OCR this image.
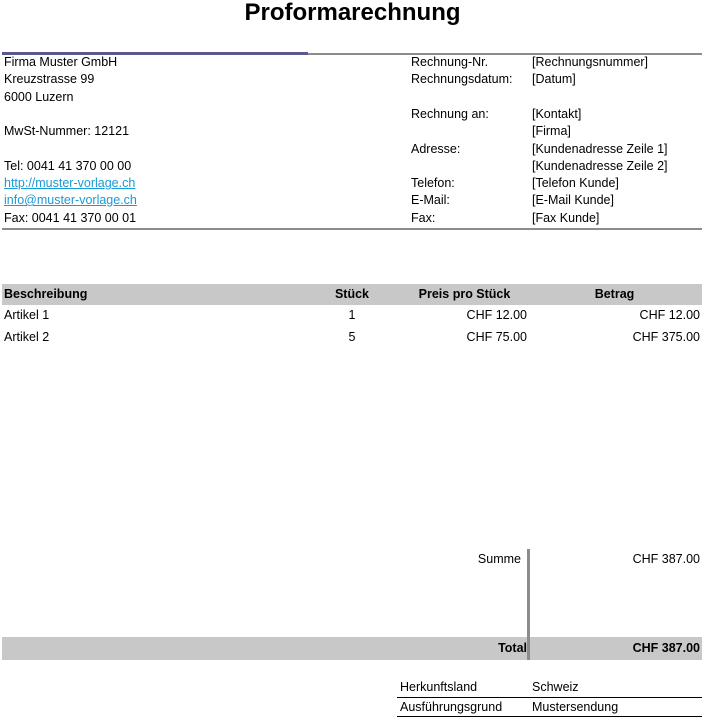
Proformarechnung
Firma Muster GmbH
Kreuzstrasse 99
6000 Luzern
MwSt-Nummer: 12121
Tel: 0041 41 370 00 00
http://muster-vorlage.ch
info@muster-vorlage.ch
Fax: 0041 41 370 00 01
Rechnung-Nr.	[Rechnungsnummer]
Rechnungsdatum: [Datum]
Rechnung an:	[Kontakt]
[Firma]
Adresse:	[Kundenadresse Zeile 1]
[Kundenadresse Zeile 2]
Telefon:	[Telefon Kunde]
E-Mail:	[E-Mail Kunde]
Fax:	[Fax Kunde]
Beschreibung	Stück	Preis pro Stück	Betrag
Artikel 1	1	CHF 12.00	CHF 12.00
Artikel 2	5	CHF 75.00	CHF 375.00
Summe	CHF 387.00
Total	CHF 387.00
Herkunftsland	Schweiz
Ausführungsgrund Mustersendung
